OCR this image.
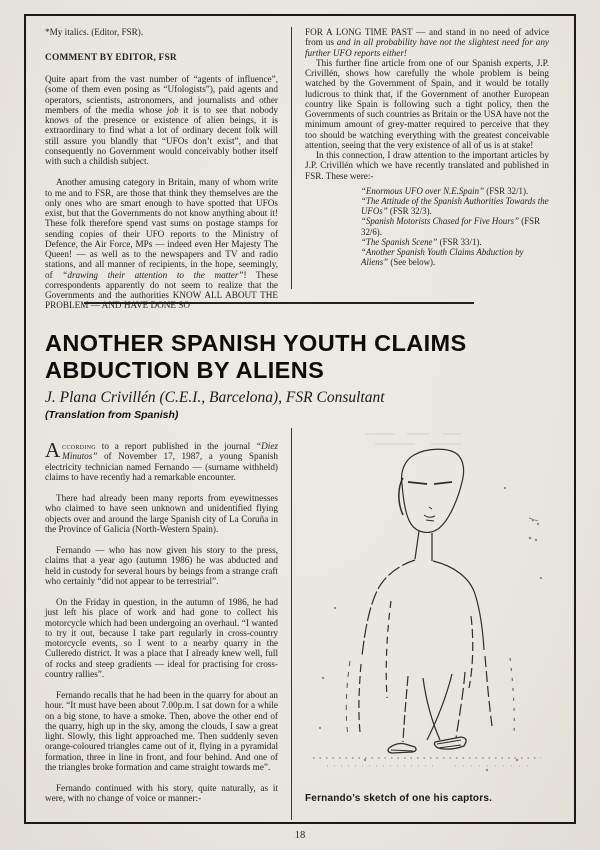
*My italics. (Editor, FSR).
COMMENT BY EDITOR, FSR
Quite apart from the vast number of “agents of influence”, (some of them even posing as “Ufologists”), paid agents and operators, scientists, astronomers, and journalists and other members of the media whose job it is to see that nobody knows of the presence or existence of alien beings, it is extraordinary to find what a lot of ordinary decent folk will still assure you blandly that “UFOs don’t exist”, and that consequently no Government would conceivably bother itself with such a childish subject.
Another amusing category in Britain, many of whom write to me and to FSR, are those that think they themselves are the only ones who are smart enough to have spotted that UFOs exist, but that the Governments do not know anything about it! These folk therefore spend vast sums on postage stamps for sending copies of their UFO reports to the Ministry of Defence, the Air Force, MPs — indeed even Her Majesty The Queen! — as well as to the newspapers and TV and radio stations, and all manner of recipients, in the hope, seemingly, of “drawing their attention to the matter”! These correspondents apparently do not seem to realize that the Governments and the authorities KNOW ALL ABOUT THE PROBLEM — AND HAVE DONE SO
FOR A LONG TIME PAST — and stand in no need of advice from us and in all probability have not the slightest need for any further UFO reports either!
This further fine article from one of our Spanish experts, J.P. Crivillén, shows how carefully the whole problem is being watched by the Government of Spain, and it would be totally ludicrous to think that, if the Government of another European country like Spain is following such a tight policy, then the Governments of such countries as Britain or the USA have not the minimum amount of grey-matter required to perceive that they too should be watching everything with the greatest conceivable attention, seeing that the very existence of all of us is at stake!
In this connection, I draw attention to the important articles by J.P. Crivillén which we have recently translated and published in FSR. These were:-
“Enormous UFO over N.E.Spain” (FSR 32/1).
“The Attitude of the Spanish Authorities Towards the UFOs” (FSR 32/3).
“Spanish Motorists Chased for Five Hours” (FSR 32/6).
“The Spanish Scene” (FSR 33/1).
“Another Spanish Youth Claims Abduction by Aliens” (See below).
ANOTHER SPANISH YOUTH CLAIMS
ABDUCTION BY ALIENS
J. Plana Crivillén (C.E.I., Barcelona), FSR Consultant
(Translation from Spanish)
According to a report published in the journal “Diez Minutos” of November 17, 1987, a young Spanish electricity technician named Fernando — (surname withheld) claims to have recently had a remarkable encounter.
There had already been many reports from eyewitnesses who claimed to have seen unknown and unidentified flying objects over and around the large Spanish city of La Coruña in the Province of Galicia (North-Western Spain).
Fernando — who has now given his story to the press, claims that a year ago (autumn 1986) he was abducted and held in custody for several hours by beings from a strange craft who certainly “did not appear to be terrestrial”.
On the Friday in question, in the autumn of 1986, he had just left his place of work and had gone to collect his motorcycle which had been undergoing an overhaul. “I wanted to try it out, because I take part regularly in cross-country motorcycle events, so I went to a nearby quarry in the Culleredo district. It was a place that I already knew well, full of rocks and steep gradients — ideal for practising for cross-country rallies”.
Fernando recalls that he had been in the quarry for about an hour. “It must have been about 7.00p.m. I sat down for a while on a big stone, to have a smoke. Then, above the other end of the quarry, high up in the sky, among the clouds, I saw a great light. Slowly, this light approached me. Then suddenly seven orange-coloured triangles came out of it, flying in a pyramidal formation, three in line in front, and four behind. And one of the triangles broke formation and came straight towards me”.
Fernando continued with his story, quite naturally, as it were, with no change of voice or manner:-	Fernando’s sketch of one his captors.
18
